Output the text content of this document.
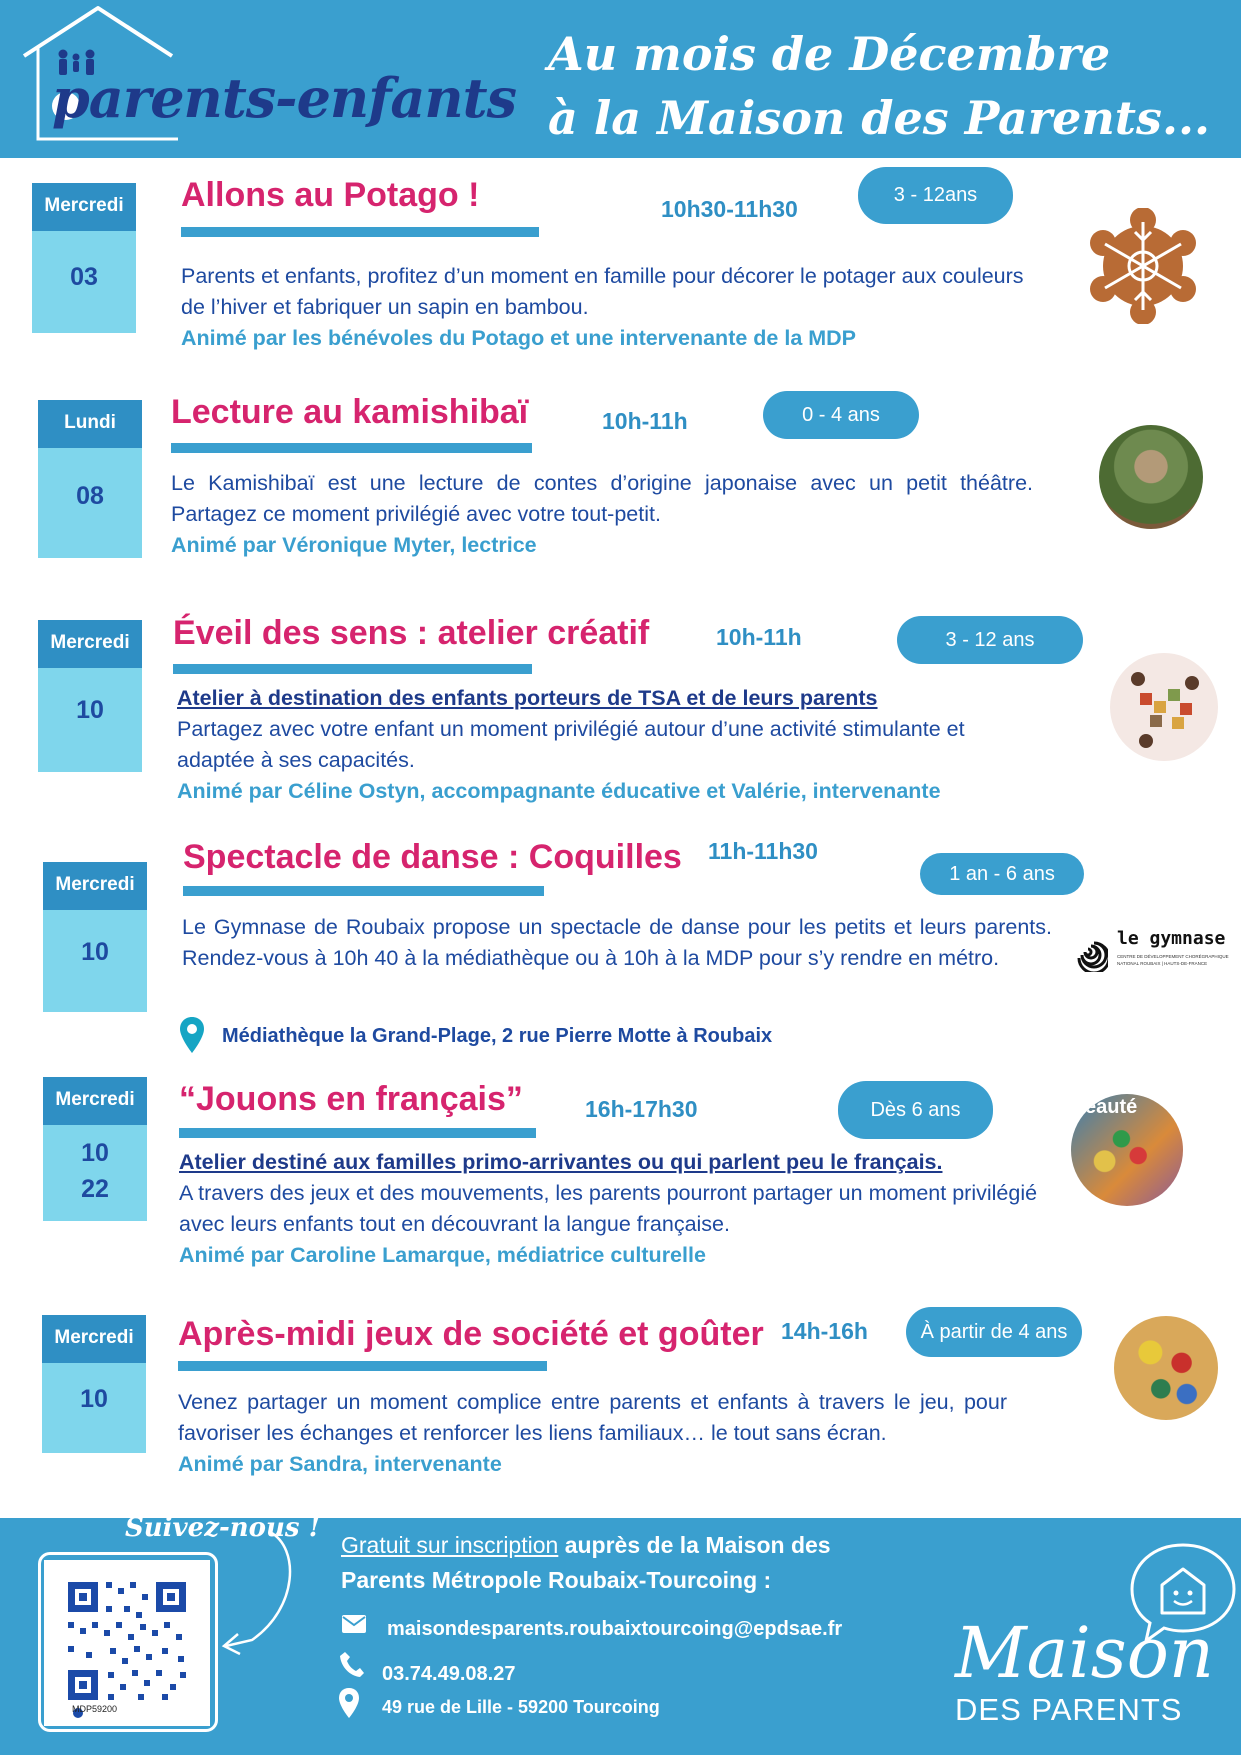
parents-enfants
Au mois de Décembre
à la Maison des Parents...
Mercredi
03
Allons au Potago !	10h30-11h30
3 - 12ans
Parents et enfants, profitez d’un moment en famille pour décorer le potager aux couleurs de l’hiver et fabriquer un sapin en bambou.
Animé par les bénévoles du Potago et une intervenante de la MDP
Lundi
08
Lecture au kamishibaï	10h-11h	0 - 4 ans
Le Kamishibaï est une lecture de contes d’origine japonaise avec un petit théâtre. Partagez ce moment privilégié avec votre tout-petit.
Animé par Véronique Myter, lectrice
Mercredi
10
Éveil des sens : atelier créatif	10h-11h	3 - 12 ans
Atelier à destination des enfants porteurs de TSA et de leurs parents
Partagez avec votre enfant un moment privilégié autour d’une activité stimulante et adaptée à ses capacités.
Animé par Céline Ostyn, accompagnante éducative et Valérie, intervenante
Mercredi
10
Spectacle de danse : Coquilles 11h-11h30
1 an - 6 ans
Le Gymnase de Roubaix propose un spectacle de danse pour les petits et leurs parents. Rendez-vous à 10h 40 à la médiathèque ou à 10h à la MDP pour s’y rendre en métro.
Médiathèque la Grand-Plage, 2 rue Pierre Motte à Roubaix
le gymnase
CENTRE DE DÉVELOPPEMENT CHORÉGRAPHIQUE NATIONAL ROUBAIX | HAUTS-DE-FRANCE
Mercredi
10
22
“Jouons en français”	16h-17h30	Dès 6 ans
Atelier destiné aux familles primo-arrivantes ou qui parlent peu le français.
A travers des jeux et des mouvements, les parents pourront partager un moment privilégié avec leurs enfants tout en découvrant la langue française.
Animé par Caroline Lamarque, médiatrice culturelle
eauté
Mercredi
10
Après-midi jeux de société et goûter 14h-16h	À partir de 4 ans
Venez partager un moment complice entre parents et enfants à travers le jeu, pour favoriser les échanges et renforcer les liens familiaux… le tout sans écran.
Animé par Sandra, intervenante
Suivez-nous !
MDP59200
Gratuit sur inscription auprès de la Maison des Parents Métropole Roubaix-Tourcoing :
maisondesparents.roubaixtourcoing@epdsae.fr
03.74.49.08.27
49 rue de Lille - 59200 Tourcoing
Maison
DES PARENTS
